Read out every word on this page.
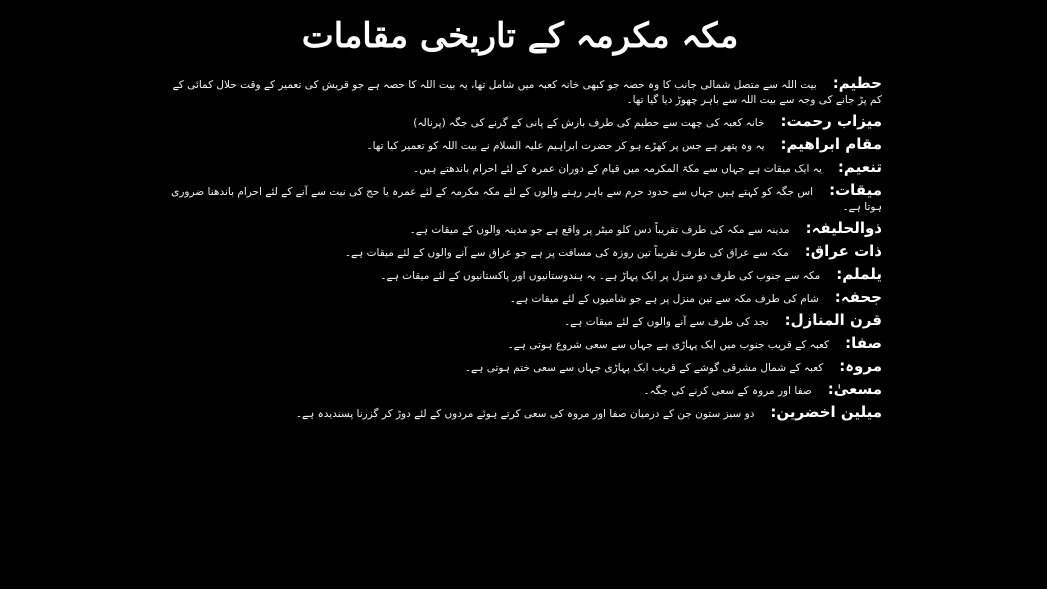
مکہ مکرمہ کے تاریخی مقامات
حطیم :بیت اللہ سے متصل شمالی جانب کا وہ حصہ جو کبھی خانہ کعبہ میں شامل تھا، یہ بیت اللہ کا حصہ ہے جو قریش کی تعمیر کے وقت حلال کمائی کے کم پڑ جانے کی وجہ سے بیت اللہ سے باہر چھوڑ دیا گیا تھا۔
میزاب رحمت :خانہ کعبہ کی چھت سے حطیم کی طرف بارش کے پانی کے گرنے کی جگہ (پرنالہ)
مقام ابراھیم :یہ وہ پتھر ہے جس پر کھڑے ہو کر حضرت ابراہیم علیہ السلام نے بیت اللہ کو تعمیر کیا تھا۔
تنعیم :یہ ایک میقات ہے جہاں سے مکۃ المکرمہ میں قیام کے دوران عمرہ کے لئے احرام باندھتے ہیں۔
میقات :اس جگہ کو کہتے ہیں جہاں سے حدود حرم سے باہر رہنے والوں کے لئے مکہ مکرمہ کے لئے عمرہ یا حج کی نیت سے آنے کے لئے احرام باندھنا ضروری ہوتا ہے۔
ذوالحلیفہ :مدینہ سے مکہ کی طرف تقریباً دس کلو میٹر پر واقع ہے جو مدینہ والوں کے میقات ہے۔
ذات عراق :مکہ سے عراق کی طرف تقریباً تین روزہ کی مسافت پر ہے جو عراق سے آنے والوں کے لئے میقات ہے۔
یلملم :مکہ سے جنوب کی طرف دو منزل پر ایک پہاڑ ہے۔ یہ ہندوستانیوں اور پاکستانیوں کے لئے میقات ہے۔
جحفہ :شام کی طرف مکہ سے تین منزل پر ہے جو شامیوں کے لئے میقات ہے۔
قرن المنازل :نجد کی طرف سے آنے والوں کے لئے میقات ہے۔
صفا :کعبہ کے قریب جنوب میں ایک پہاڑی ہے جہاں سے سعی شروع ہوتی ہے۔
مروہ :کعبہ کے شمال مشرقی گوشے کے قریب ایک پہاڑی جہاں سے سعی ختم ہوتی ہے۔
مسعیٰ :صفا اور مروہ کے سعی کرنے کی جگہ۔
میلین اخضرین :دو سبز ستون جن کے درمیان صفا اور مروہ کی سعی کرتے ہوئے مردوں کے لئے دوڑ کر گزرنا پسندیدہ ہے۔
